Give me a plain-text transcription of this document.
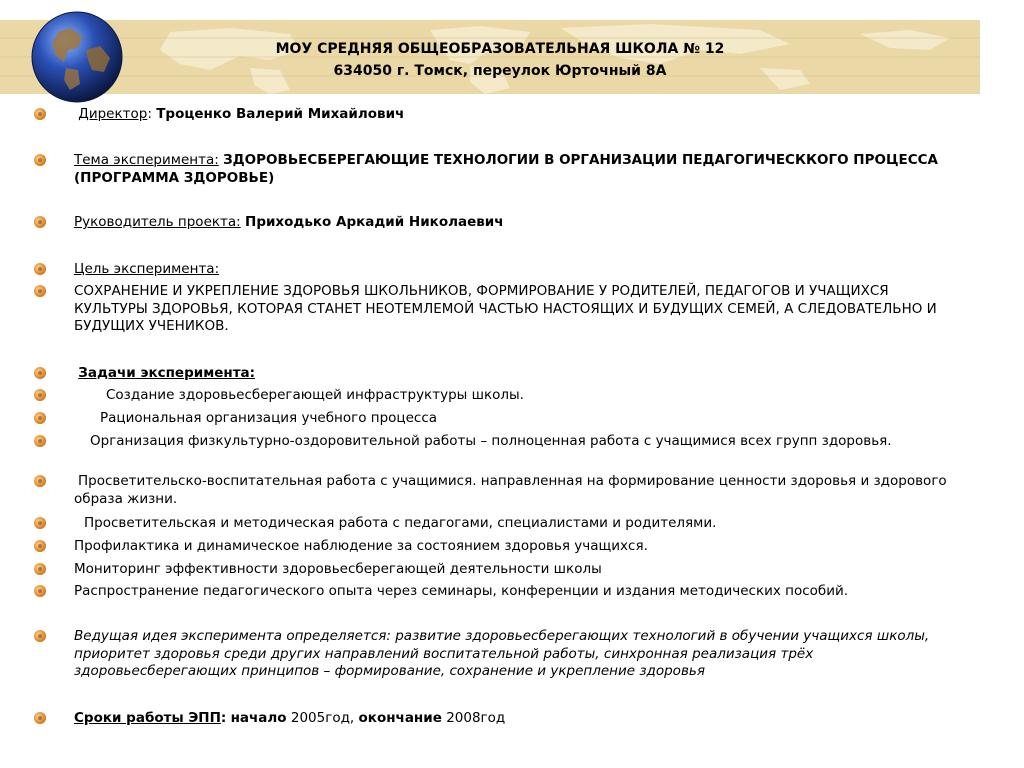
МОУ СРЕДНЯЯ ОБЩЕОБРАЗОВАТЕЛЬНАЯ ШКОЛА № 12
634050 г. Томск, переулок Юрточный 8А
Директор: Троценко Валерий Михайлович
Тема эксперимента: ЗДОРОВЬЕСБЕРЕГАЮЩИЕ ТЕХНОЛОГИИ В ОРГАНИЗАЦИИ ПЕДАГОГИЧЕСККОГО ПРОЦЕССА (ПРОГРАММА ЗДОРОВЬЕ)
Руководитель проекта: Приходько Аркадий Николаевич
Цель эксперимента:
СОХРАНЕНИЕ И УКРЕПЛЕНИЕ ЗДОРОВЬЯ ШКОЛЬНИКОВ, ФОРМИРОВАНИЕ У РОДИТЕЛЕЙ, ПЕДАГОГОВ И УЧАЩИХСЯ КУЛЬТУРЫ ЗДОРОВЬЯ, КОТОРАЯ СТАНЕТ НЕОТЕМЛЕМОЙ ЧАСТЬЮ НАСТОЯЩИХ И БУДУЩИХ СЕМЕЙ, А СЛЕДОВАТЕЛЬНО И БУДУЩИХ УЧЕНИКОВ.
Задачи эксперимента:
Создание здоровьесберегающей инфраструктуры школы.
Рациональная организация учебного процесса
Организация физкультурно-оздоровительной работы – полноценная работа с учащимися всех групп здоровья.
Просветительско-воспитательная работа с учащимися. направленная на формирование ценности здоровья и здорового образа жизни.
Просветительская и методическая работа с педагогами, специалистами и родителями.
Профилактика и динамическое наблюдение за состоянием здоровья учащихся.
Мониторинг эффективности здоровьесберегающей деятельности школы
Распространение педагогического опыта через семинары, конференции и издания методических пособий.
Ведущая идея эксперимента определяется: развитие здоровьесберегающих технологий в обучении учащихся школы, приоритет здоровья среди других направлений воспитательной работы, синхронная реализация трёх здоровьесберегающих принципов – формирование, сохранение и укрепление здоровья
Сроки работы ЭПП: начало 2005год, окончание 2008год
